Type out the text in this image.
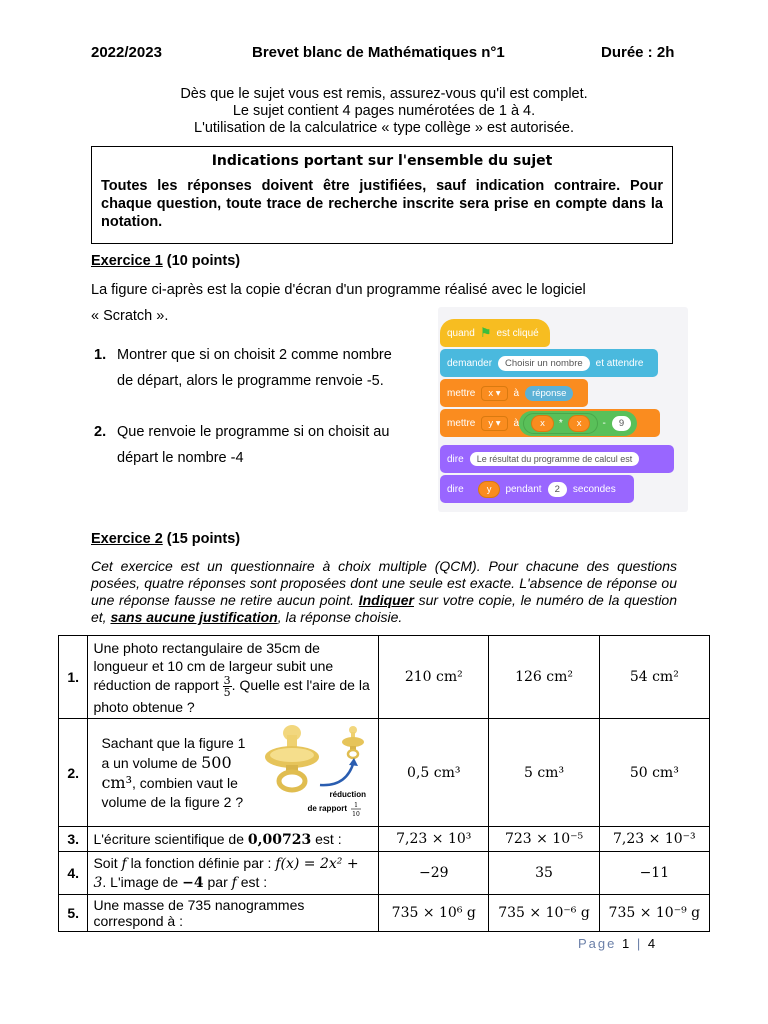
2022/2023	Brevet blanc de Mathématiques n°1	Durée : 2h
Dès que le sujet vous est remis, assurez-vous qu'il est complet.
Le sujet contient 4 pages numérotées de 1 à 4.
L'utilisation de la calculatrice « type collège » est autorisée.
Indications portant sur l'ensemble du sujet
Toutes les réponses doivent être justifiées, sauf indication contraire. Pour chaque question, toute trace de recherche inscrite sera prise en compte dans la notation.
Exercice 1 (10 points)
La figure ci-après est la copie d'écran d'un programme réalisé avec le logiciel
« Scratch ».
1. Montrer que si on choisit 2 comme nombre
de départ, alors le programme renvoie -5.
2. Que renvoie le programme si on choisit au
départ le nombre -4
quand ⚑ est cliqué
demander	Choisir un nombre	et attendre
mettre	x ▾	à	réponse
mettre	y ▾	à	x	*	x	-	9
dire	Le résultat du programme de calcul est
dire	y	pendant	2	secondes
Exercice 2 (15 points)
Cet exercice est un questionnaire à choix multiple (QCM). Pour chacune des questions posées, quatre réponses sont proposées dont une seule est exacte. L'absence de réponse ou une réponse fausse ne retire aucun point. Indiquer sur votre copie, le numéro de la question et, sans aucune justification, la réponse choisie.
1.	Une photo rectangulaire de 35cm de longueur et 10 cm de largeur subit une réduction de rapport $\frac{3}{5}$. Quelle est l'aire de la photo obtenue ?	210 cm²	126 cm²	54 cm²
2.	Sachant que la figure 1 a un volume de 500 cm³, combien vaut le volume de la figure 2 ? réduction
de rapport 1
10	0,5 cm³	5 cm³	50 cm³
3.	L'écriture scientifique de 0,00723 est :	7,23 × 10³	723 × 10⁻⁵	7,23 × 10⁻³
4.	Soit f la fonction définie par : f(x) = 2x² + 3. L'image de −4 par f est :	−29	35	−11
5.	Une masse de 735 nanogrammes correspond à :	735 × 10⁶ g	735 × 10⁻⁶ g	735 × 10⁻⁹ g
Page 1 | 4
